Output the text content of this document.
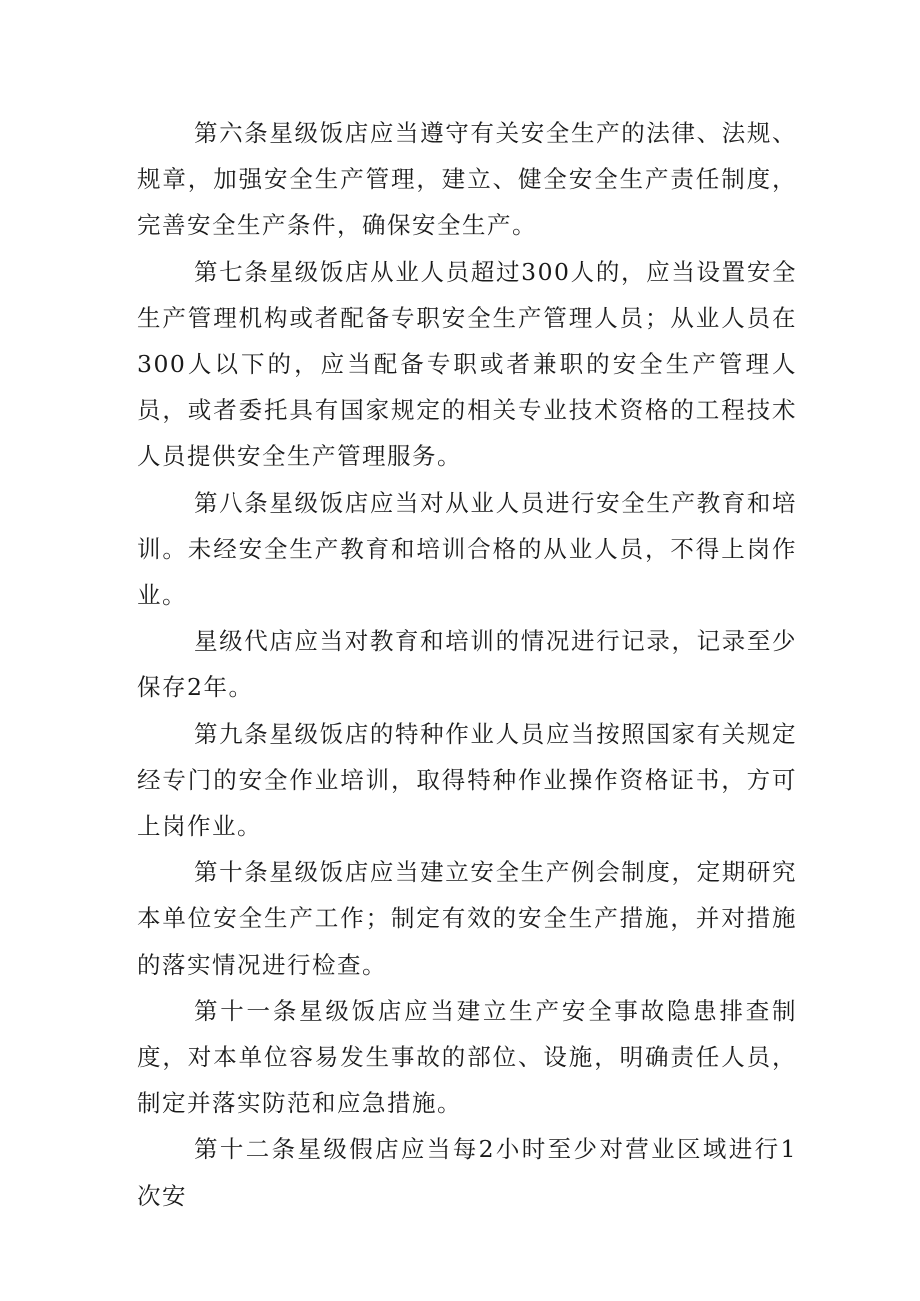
第六条星级饭店应当遵守有关安全生产的法律、法规、规章，加强安全生产管理，建立、健全安全生产责任制度，完善安全生产条件，确保安全生产。

第七条星级饭店从业人员超过300人的，应当设置安全生产管理机构或者配备专职安全生产管理人员；从业人员在300人以下的，应当配备专职或者兼职的安全生产管理人员，或者委托具有国家规定的相关专业技术资格的工程技术人员提供安全生产管理服务。

第八条星级饭店应当对从业人员进行安全生产教育和培训。未经安全生产教育和培训合格的从业人员，不得上岗作业。

星级代店应当对教育和培训的情况进行记录，记录至少保存2年。

第九条星级饭店的特种作业人员应当按照国家有关规定经专门的安全作业培训，取得特种作业操作资格证书，方可上岗作业。

第十条星级饭店应当建立安全生产例会制度，定期研究本单位安全生产工作；制定有效的安全生产措施，并对措施的落实情况进行检查。

第十一条星级饭店应当建立生产安全事故隐患排查制度，对本单位容易发生事故的部位、设施，明确责任人员，制定并落实防范和应急措施。

第十二条星级假店应当每2小时至少对营业区域进行1次安
